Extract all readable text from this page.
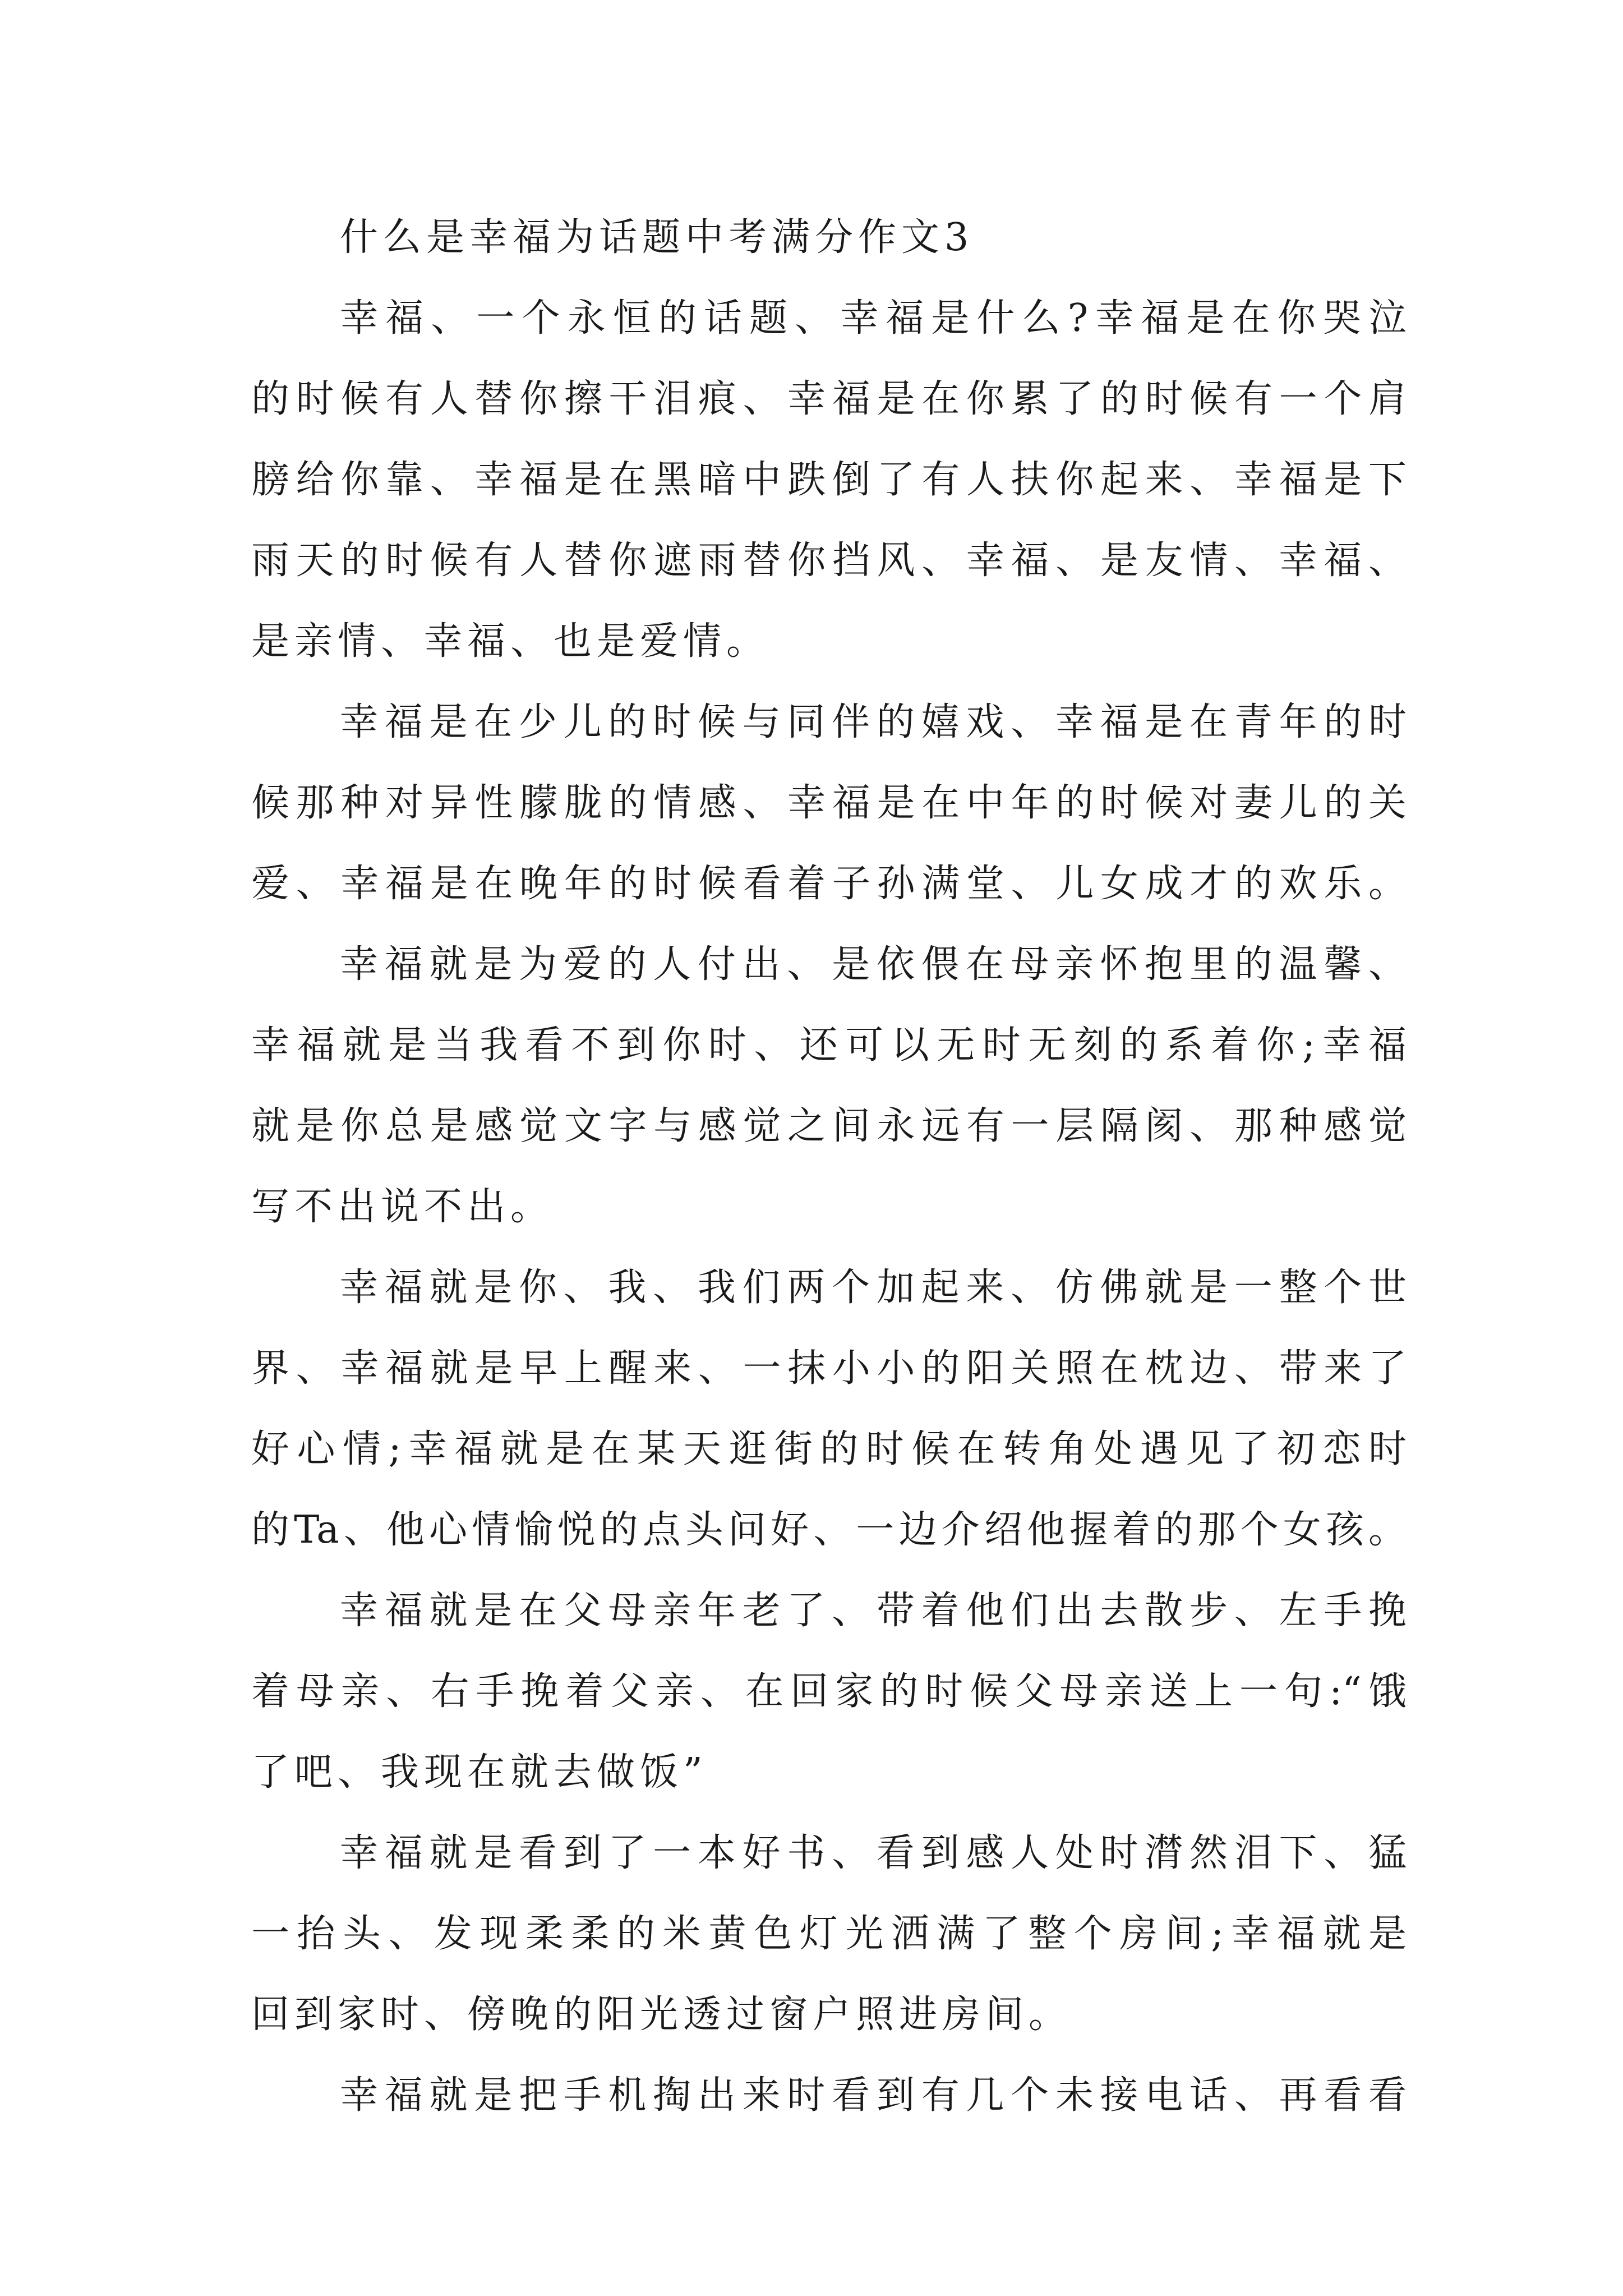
什么是幸福为话题中考满分作文3

幸福、一个永恒的话题、幸福是什么?幸福是在你哭泣

的时候有人替你擦干泪痕、幸福是在你累了的时候有一个肩

膀给你靠、幸福是在黑暗中跌倒了有人扶你起来、幸福是下

雨天的时候有人替你遮雨替你挡风、幸福、是友情、幸福、

是亲情、幸福、也是爱情。

幸福是在少儿的时候与同伴的嬉戏、幸福是在青年的时

候那种对异性朦胧的情感、幸福是在中年的时候对妻儿的关

爱、幸福是在晚年的时候看着子孙满堂、儿女成才的欢乐。

幸福就是为爱的人付出、是依偎在母亲怀抱里的温馨、

幸福就是当我看不到你时、还可以无时无刻的系着你;幸福

就是你总是感觉文字与感觉之间永远有一层隔阂、那种感觉

写不出说不出。

幸福就是你、我、我们两个加起来、仿佛就是一整个世

界、幸福就是早上醒来、一抹小小的阳关照在枕边、带来了

好心情;幸福就是在某天逛街的时候在转角处遇见了初恋时

的Ta、他心情愉悦的点头问好、一边介绍他握着的那个女孩。

幸福就是在父母亲年老了、带着他们出去散步、左手挽

着母亲、右手挽着父亲、在回家的时候父母亲送上一句:“饿

了吧、我现在就去做饭”

幸福就是看到了一本好书、看到感人处时潸然泪下、猛

一抬头、发现柔柔的米黄色灯光洒满了整个房间;幸福就是

回到家时、傍晚的阳光透过窗户照进房间。

幸福就是把手机掏出来时看到有几个未接电话、再看看
